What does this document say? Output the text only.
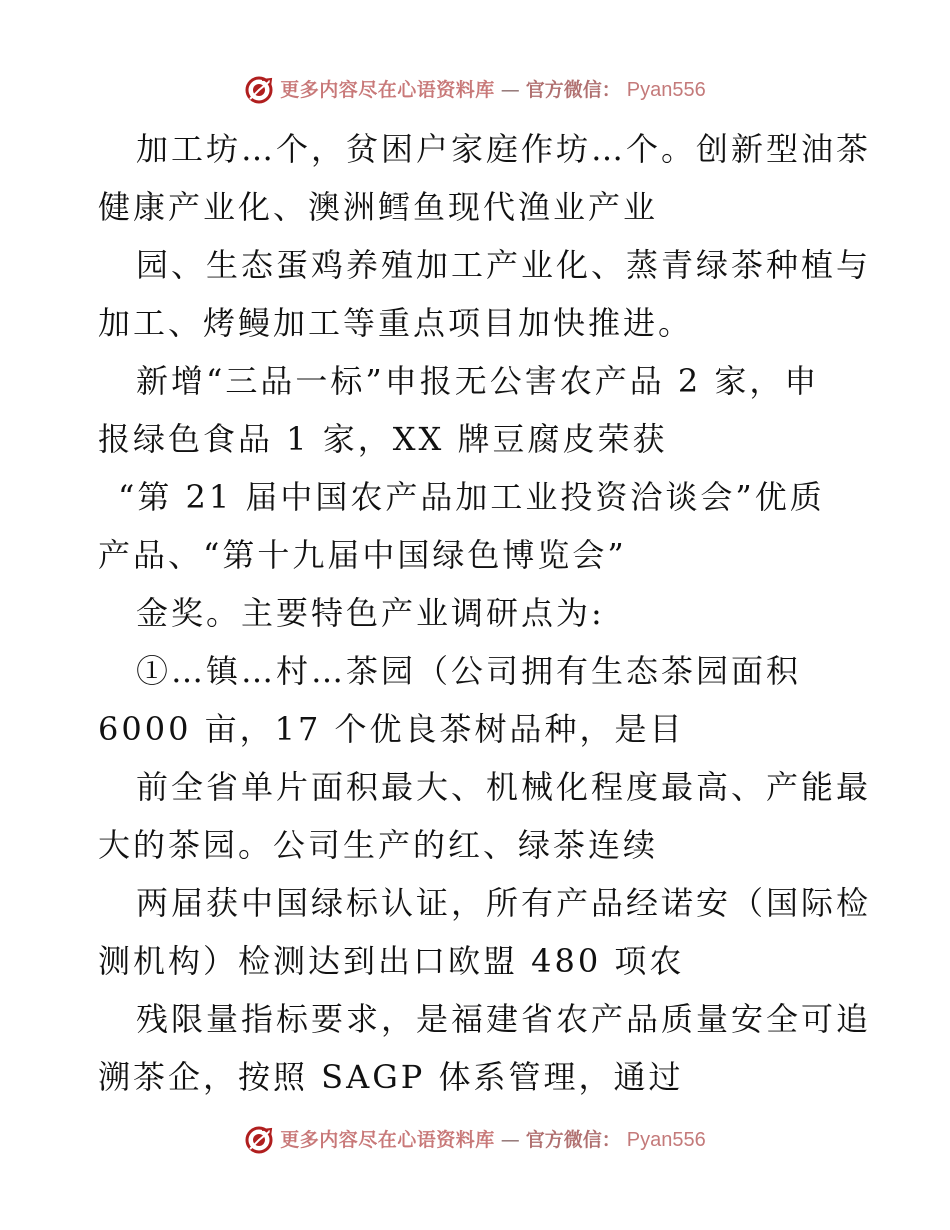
更多内容尽在心语资料库 — 官方微信： Pyan556
加工坊…个，贫困户家庭作坊…个。创新型油茶
健康产业化、澳洲鳕鱼现代渔业产业
园、生态蛋鸡养殖加工产业化、蒸青绿茶种植与
加工、烤鳗加工等重点项目加快推进。
新增“三品一标”申报无公害农产品 2 家，申
报绿色食品 1 家，XX 牌豆腐皮荣获
“第 21 届中国农产品加工业投资洽谈会”优质
产品、“第十九届中国绿色博览会”
金奖。主要特色产业调研点为:
①…镇…村…茶园（公司拥有生态茶园面积
6000 亩，17 个优良茶树品种，是目
前全省单片面积最大、机械化程度最高、产能最
大的茶园。公司生产的红、绿茶连续
两届获中国绿标认证，所有产品经诺安（国际检
测机构）检测达到出口欧盟 480 项农
残限量指标要求，是福建省农产品质量安全可追
溯茶企，按照 SAGP 体系管理，通过
更多内容尽在心语资料库 — 官方微信： Pyan556
